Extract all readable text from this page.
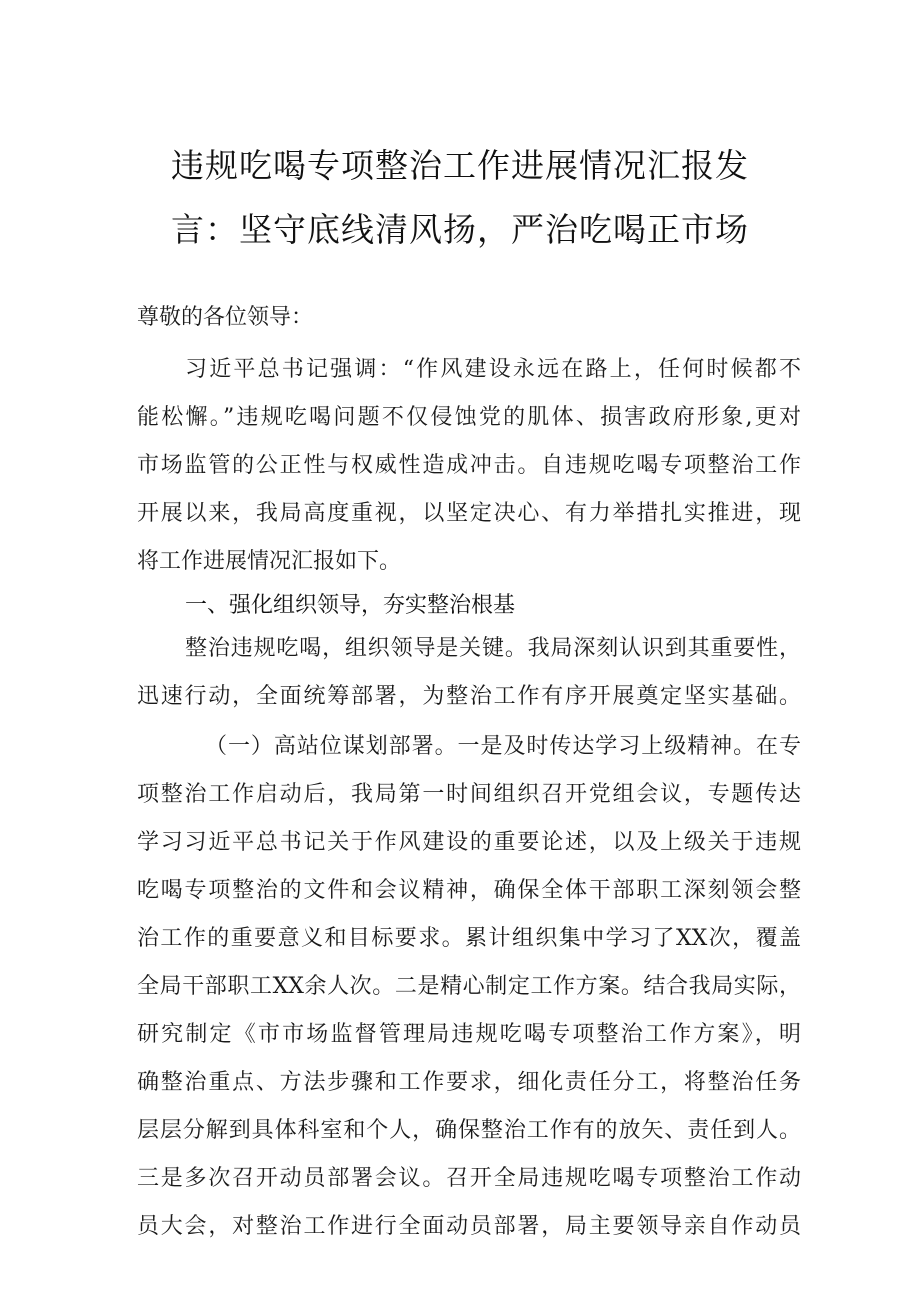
违规吃喝专项整治工作进展情况汇报发
言：坚守底线清风扬，严治吃喝正市场
尊敬的各位领导：
习近平总书记强调：“作风建设永远在路上，任何时候都不
能松懈。”违规吃喝问题不仅侵蚀党的肌体、损害政府形象,更对
市场监管的公正性与权威性造成冲击。自违规吃喝专项整治工作
开展以来，我局高度重视，以坚定决心、有力举措扎实推进，现
将工作进展情况汇报如下。
一、强化组织领导，夯实整治根基
整治违规吃喝，组织领导是关键。我局深刻认识到其重要性，
迅速行动，全面统筹部署，为整治工作有序开展奠定坚实基础。
（一）高站位谋划部署。一是及时传达学习上级精神。在专
项整治工作启动后，我局第一时间组织召开党组会议，专题传达
学习习近平总书记关于作风建设的重要论述，以及上级关于违规
吃喝专项整治的文件和会议精神，确保全体干部职工深刻领会整
治工作的重要意义和目标要求。累计组织集中学习了XX次，覆盖
全局干部职工XX余人次。二是精心制定工作方案。结合我局实际，
研究制定《市市场监督管理局违规吃喝专项整治工作方案》，明
确整治重点、方法步骤和工作要求，细化责任分工，将整治任务
层层分解到具体科室和个人，确保整治工作有的放矢、责任到人。
三是多次召开动员部署会议。召开全局违规吃喝专项整治工作动
员大会，对整治工作进行全面动员部署，局主要领导亲自作动员
